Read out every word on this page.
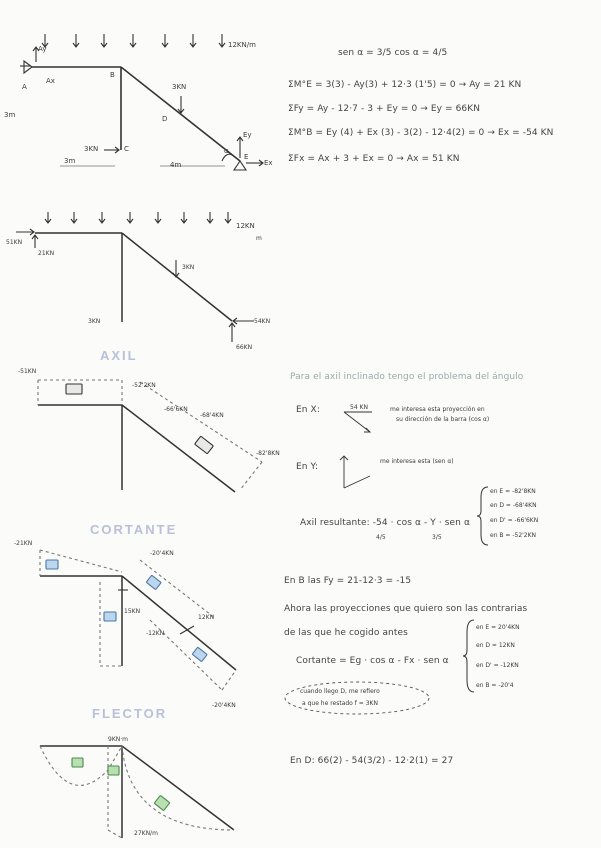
12KN/m
Ay
A
Ax
B
3KN
D
3m
3KN	C
3m	4m
α
Ey
E
Ex
sen α = 3/5 cos α = 4/5
ΣM°E = 3(3) - Ay(3) + 12·3 (1'5) = 0 → Ay = 21 KN
ΣFy = Ay - 12·7 - 3 + Ey = 0 → Ey = 66KN
ΣM°B = Ey (4) + Ex (3) - 3(2) - 12·4(2) = 0 → Ex = -54 KN
ΣFx = Ax + 3 + Ex = 0 → Ax = 51 KN
12KN
m
51KN
21KN
3KN
3KN	54KN
66KN
AXIL
-51KN
-52'2KN
-66'6KN
-68'4KN
-82'8KN
Para el axil inclinado tengo el problema del ángulo
En X:	54 KN	me interesa esta proyección en
su dirección de la barra (cos α)
En Y:
me interesa esta (sen α)
Axil resultante: -54 · cos α - Y · sen α
4/5	3/5
en E = -82'8KN
en D = -68'4KN
en D' = -66'6KN
en B = -52'2KN
CORTANTE
-21KN
-20'4KN
15KN
12KN
-12KN
-20'4KN
En B las Fy = 21-12·3 = -15
Ahora las proyecciones que quiero son las contrarias
de las que he cogido antes
Cortante = Eg · cos α - Fx · sen α
cuando llego D, me refiero
a que he restado f = 3KN
en E = 20'4KN
en D = 12KN
en D' = -12KN
en B = -20'4
FLECTOR
9KN·m
27KN/m
En D: 66(2) - 54(3/2) - 12·2(1) = 27
